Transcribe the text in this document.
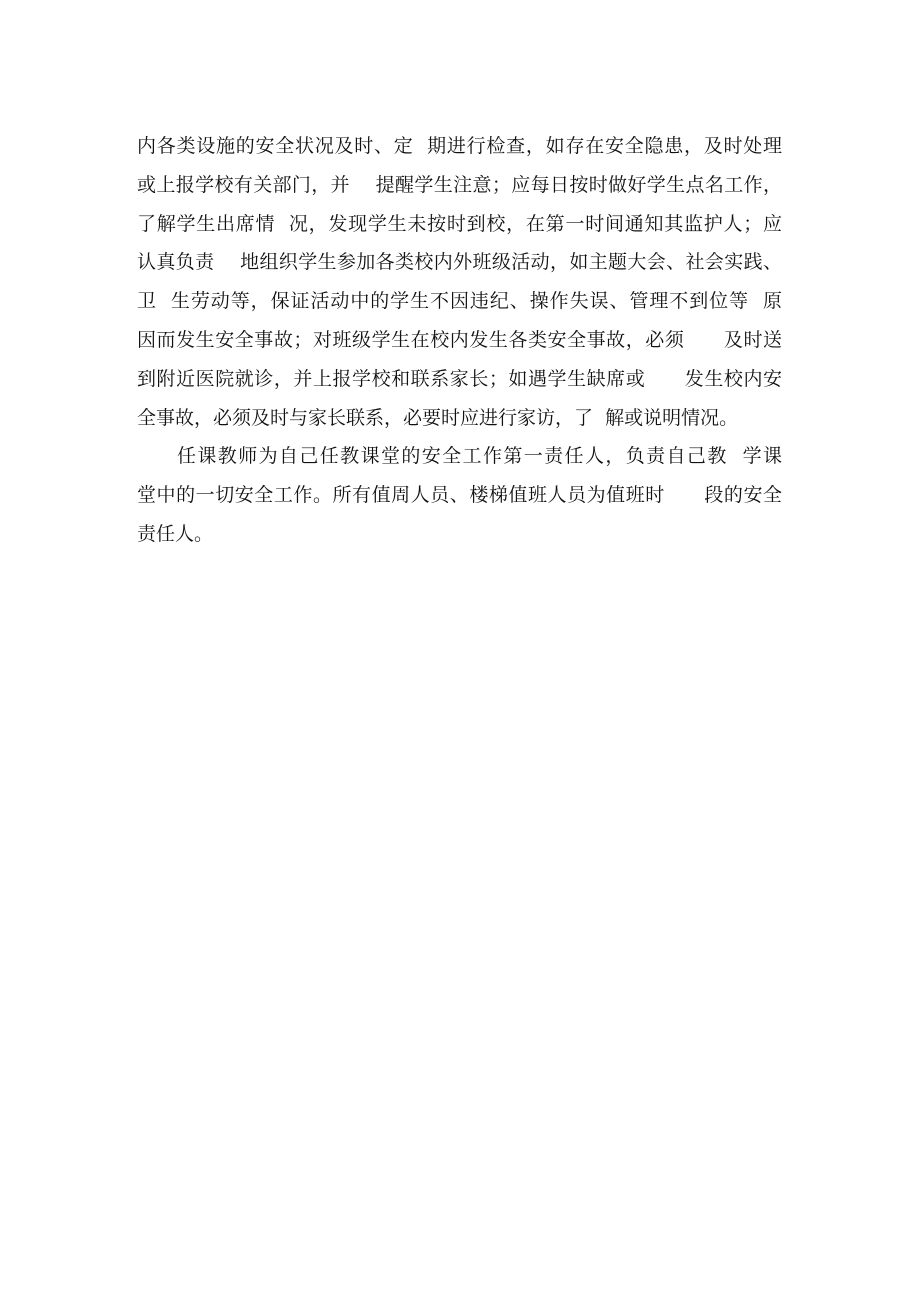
内各类设施的安全状况及时、定  期进行检查，如存在安全隐患，及时处理
或上报学校有关部门，并    提醒学生注意；应每日按时做好学生点名工作，
了解学生出席情  况，发现学生未按时到校，在第一时间通知其监护人；应
认真负责    地组织学生参加各类校内外班级活动，如主题大会、社会实践、
卫  生劳动等，保证活动中的学生不因违纪、操作失误、管理不到位等  原
因而发生安全事故；对班级学生在校内发生各类安全事故，必须      及时送
到附近医院就诊，并上报学校和联系家长；如遇学生缺席或      发生校内安
全事故，必须及时与家长联系，必要时应进行家访，了  解或说明情况。
任课教师为自己任教课堂的安全工作第一责任人，负责自己教  学课
堂中的一切安全工作。所有值周人员、楼梯值班人员为值班时      段的安全
责任人。
